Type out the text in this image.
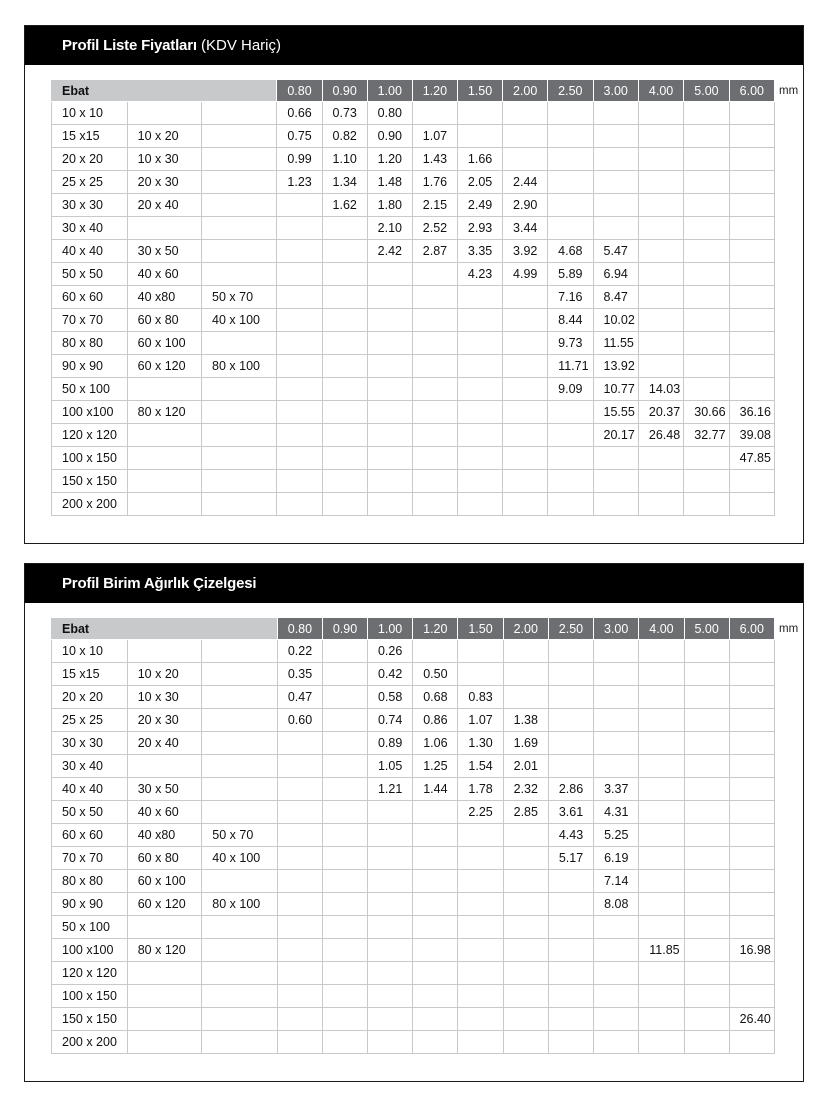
Profil Liste Fiyatları (KDV Hariç)
Ebat			0.80	0.90	1.00	1.20	1.50	2.00	2.50	3.00	4.00	5.00	6.00	mm
10 x 10			0.66	0.73	0.80									
15 x15	10 x 20		0.75	0.82	0.90	1.07								
20 x 20	10 x 30		0.99	1.10	1.20	1.43	1.66							
25 x 25	20 x 30		1.23	1.34	1.48	1.76	2.05	2.44						
30 x 30	20 x 40			1.62	1.80	2.15	2.49	2.90						
30 x 40					2.10	2.52	2.93	3.44						
40 x 40	30 x 50				2.42	2.87	3.35	3.92	4.68	5.47				
50 x 50	40 x 60						4.23	4.99	5.89	6.94				
60 x 60	40 x80	50 x 70							7.16	8.47				
70 x 70	60 x 80	40 x 100							8.44	10.02				
80 x 80	60 x 100								9.73	11.55				
90 x 90	60 x 120	80 x 100							11.71	13.92				
50 x 100									9.09	10.77	14.03			
100 x100	80 x 120									15.55	20.37	30.66	36.16	
120 x 120										20.17	26.48	32.77	39.08	
100 x 150													47.85	
150 x 150														
200 x 200														
Profil Birim Ağırlık Çizelgesi
Ebat			0.80	0.90	1.00	1.20	1.50	2.00	2.50	3.00	4.00	5.00	6.00	mm
10 x 10			0.22		0.26									
15 x15	10 x 20		0.35		0.42	0.50								
20 x 20	10 x 30		0.47		0.58	0.68	0.83							
25 x 25	20 x 30		0.60		0.74	0.86	1.07	1.38						
30 x 30	20 x 40				0.89	1.06	1.30	1.69						
30 x 40					1.05	1.25	1.54	2.01						
40 x 40	30 x 50				1.21	1.44	1.78	2.32	2.86	3.37				
50 x 50	40 x 60						2.25	2.85	3.61	4.31				
60 x 60	40 x80	50 x 70							4.43	5.25				
70 x 70	60 x 80	40 x 100							5.17	6.19				
80 x 80	60 x 100									7.14				
90 x 90	60 x 120	80 x 100								8.08				
50 x 100														
100 x100	80 x 120										11.85		16.98	
120 x 120														
100 x 150														
150 x 150													26.40	
200 x 200														
